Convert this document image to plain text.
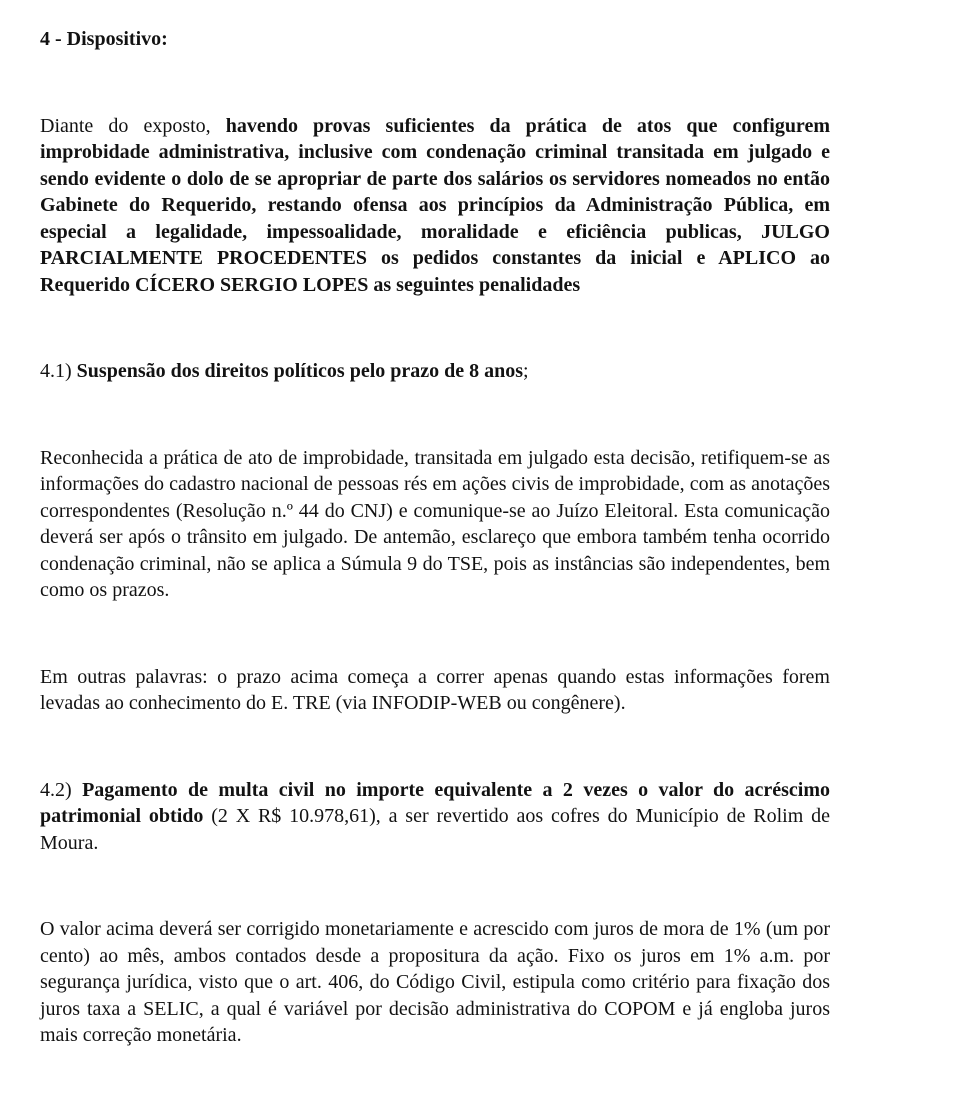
4 - Dispositivo:

Diante do exposto, havendo provas suficientes da prática de atos que configurem improbidade administrativa, inclusive com condenação criminal transitada em julgado e sendo evidente o dolo de se apropriar de parte dos salários os servidores nomeados no então Gabinete do Requerido, restando ofensa aos princípios da Administração Pública, em especial a legalidade, impessoalidade, moralidade e eficiência publicas, JULGO PARCIALMENTE PROCEDENTES os pedidos constantes da inicial e APLICO ao Requerido CÍCERO SERGIO LOPES as seguintes penalidades

4.1) Suspensão dos direitos políticos pelo prazo de 8 anos;

Reconhecida a prática de ato de improbidade, transitada em julgado esta decisão, retifiquem-se as informações do cadastro nacional de pessoas rés em ações civis de improbidade, com as anotações correspondentes (Resolução n.º 44 do CNJ) e comunique-se ao Juízo Eleitoral. Esta comunicação deverá ser após o trânsito em julgado. De antemão, esclareço que embora também tenha ocorrido condenação criminal, não se aplica a Súmula 9 do TSE, pois as instâncias são independentes, bem como os prazos.

Em outras palavras: o prazo acima começa a correr apenas quando estas informações forem levadas ao conhecimento do E. TRE (via INFODIP-WEB ou congênere).

4.2) Pagamento de multa civil no importe equivalente a 2 vezes o valor do acréscimo patrimonial obtido (2 X R$ 10.978,61), a ser revertido aos cofres do Município de Rolim de Moura.

O valor acima deverá ser corrigido monetariamente e acrescido com juros de mora de 1% (um por cento) ao mês, ambos contados desde a propositura da ação. Fixo os juros em 1% a.m. por segurança jurídica, visto que o art. 406, do Código Civil, estipula como critério para fixação dos juros taxa a SELIC, a qual é variável por decisão administrativa do COPOM e já engloba juros mais correção monetária.
